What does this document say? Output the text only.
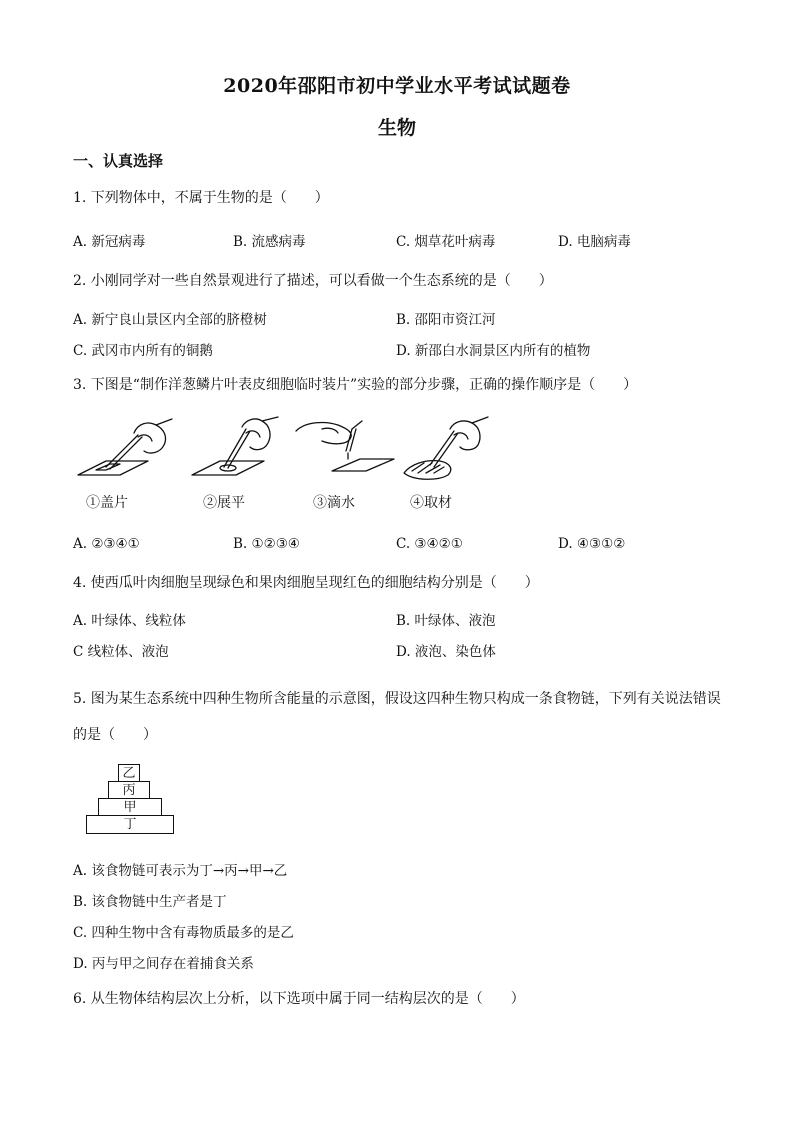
2020年邵阳市初中学业水平考试试题卷
生物
一、认真选择
1. 下列物体中，不属于生物的是（　　）
A. 新冠病毒	B. 流感病毒	C. 烟草花叶病毒	D. 电脑病毒
2. 小刚同学对一些自然景观进行了描述，可以看做一个生态系统的是（　　）
A. 新宁良山景区内全部的脐橙树	B. 邵阳市资江河
C. 武冈市内所有的铜鹅	D. 新邵白水洞景区内所有的植物
3. 下图是“制作洋葱鳞片叶表皮细胞临时装片”实验的部分步骤，正确的操作顺序是（　　）
①盖片	②展平	③滴水	④取材
A. ②③④①	B. ①②③④	C. ③④②①	D. ④③①②
4. 使西瓜叶肉细胞呈现绿色和果肉细胞呈现红色的细胞结构分别是（　　）
A. 叶绿体、线粒体	B. 叶绿体、液泡
C 线粒体、液泡	D. 液泡、染色体
5. 图为某生态系统中四种生物所含能量的示意图，假设这四种生物只构成一条食物链，下列有关说法错误
的是（　　）
乙
丙
甲
丁
A. 该食物链可表示为丁→丙→甲→乙
B. 该食物链中生产者是丁
C. 四种生物中含有毒物质最多的是乙
D. 丙与甲之间存在着捕食关系
6. 从生物体结构层次上分析，以下选项中属于同一结构层次的是（　　）
